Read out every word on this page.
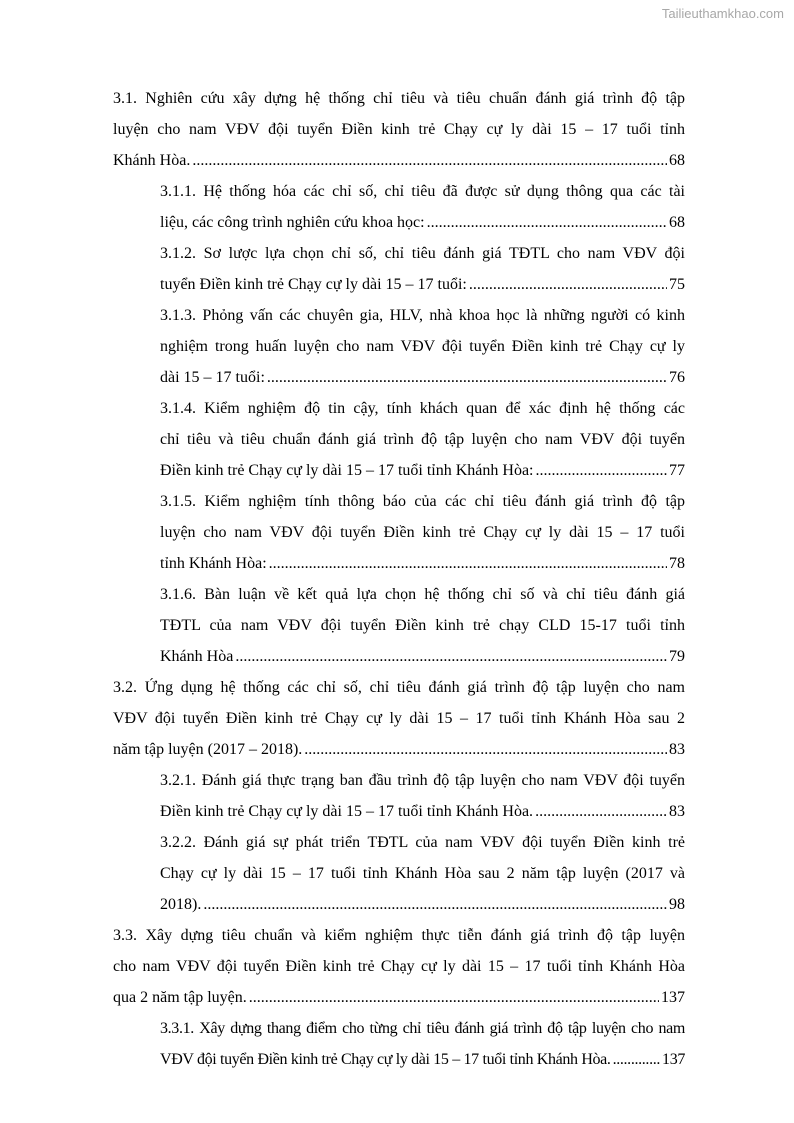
Tailieuthamkhao.com
3.1. Nghiên cứu xây dựng hệ thống chỉ tiêu và tiêu chuẩn đánh giá trình độ tập
luyện cho nam VĐV đội tuyển Điền kinh trẻ Chạy cự ly dài 15 – 17 tuổi tỉnh
Khánh Hòa. .....	68
3.1.1. Hệ thống hóa các chỉ số, chỉ tiêu đã được sử dụng thông qua các tài
liệu, các công trình nghiên cứu khoa học: .....	68
3.1.2. Sơ lược lựa chọn chỉ số, chỉ tiêu đánh giá TĐTL cho nam VĐV đội
tuyển Điền kinh trẻ Chạy cự ly dài 15 – 17 tuổi: .....	75
3.1.3. Phỏng vấn các chuyên gia, HLV, nhà khoa học là những người có kinh
nghiệm trong huấn luyện cho nam VĐV đội tuyển Điền kinh trẻ Chạy cự ly
dài 15 – 17 tuổi: .....	76
3.1.4. Kiểm nghiệm độ tin cậy, tính khách quan để xác định hệ thống các
chỉ tiêu và tiêu chuẩn đánh giá trình độ tập luyện cho nam VĐV đội tuyển
Điền kinh trẻ Chạy cự ly dài 15 – 17 tuổi tỉnh Khánh Hòa: .....	77
3.1.5. Kiểm nghiệm tính thông báo của các chỉ tiêu đánh giá trình độ tập
luyện cho nam VĐV đội tuyển Điền kinh trẻ Chạy cự ly dài 15 – 17 tuổi
tỉnh Khánh Hòa: .....	78
3.1.6. Bàn luận về kết quả lựa chọn hệ thống chỉ số và chỉ tiêu đánh giá
TĐTL của nam VĐV đội tuyển Điền kinh trẻ chạy CLD 15-17 tuổi tỉnh
Khánh Hòa .....	79
3.2. Ứng dụng hệ thống các chỉ số, chỉ tiêu đánh giá trình độ tập luyện cho nam
VĐV đội tuyển Điền kinh trẻ Chạy cự ly dài 15 – 17 tuổi tỉnh Khánh Hòa sau 2
năm tập luyện (2017 – 2018). .....	83
3.2.1. Đánh giá thực trạng ban đầu trình độ tập luyện cho nam VĐV đội tuyển
Điền kinh trẻ Chạy cự ly dài 15 – 17 tuổi tỉnh Khánh Hòa. .....	83
3.2.2. Đánh giá sự phát triển TĐTL của nam VĐV đội tuyển Điền kinh trẻ
Chạy cự ly dài 15 – 17 tuổi tỉnh Khánh Hòa sau 2 năm tập luyện (2017 và
2018). .....	98
3.3. Xây dựng tiêu chuẩn và kiểm nghiệm thực tiễn đánh giá trình độ tập luyện
cho nam VĐV đội tuyển Điền kinh trẻ Chạy cự ly dài 15 – 17 tuổi tỉnh Khánh Hòa
qua 2 năm tập luyện. .....	137
3.3.1. Xây dựng thang điểm cho từng chỉ tiêu đánh giá trình độ tập luyện cho nam
VĐV đội tuyển Điền kinh trẻ Chạy cự ly dài 15 – 17 tuổi tỉnh Khánh Hòa. .....	137
